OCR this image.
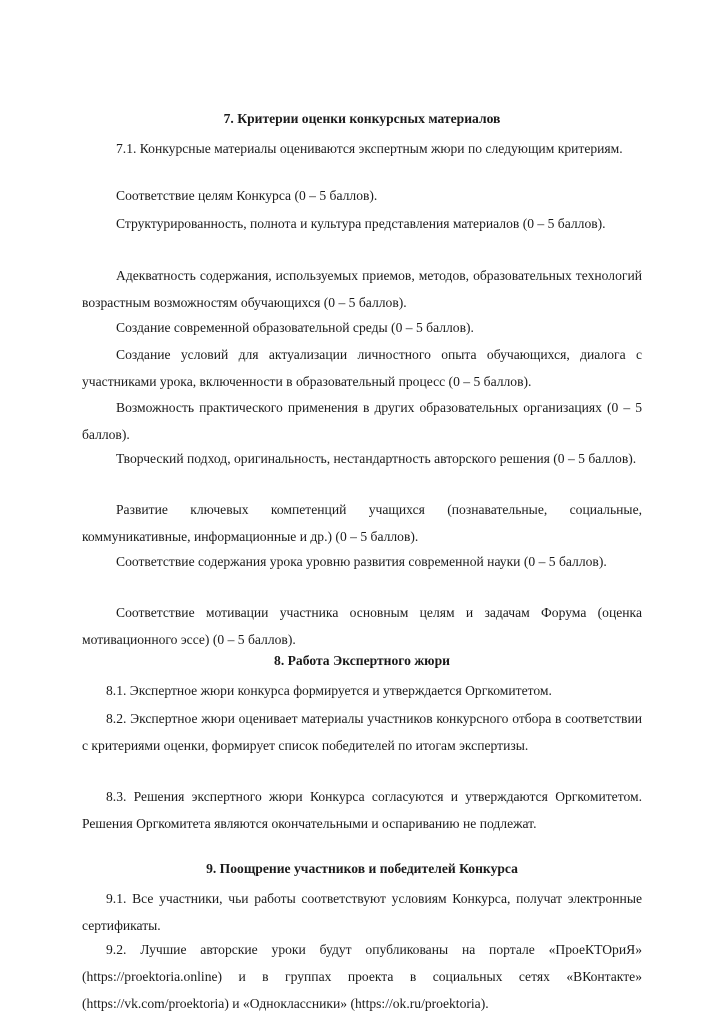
7. Критерии оценки конкурсных материалов
7.1. Конкурсные материалы оцениваются экспертным жюри по следующим критериям.
Соответствие целям Конкурса (0 – 5 баллов).
Структурированность, полнота и культура представления материалов (0 – 5 баллов).
Адекватность содержания, используемых приемов, методов, образовательных технологий возрастным возможностям обучающихся (0 – 5 баллов).
Создание современной образовательной среды (0 – 5 баллов).
Создание условий для актуализации личностного опыта обучающихся, диалога с участниками урока, включенности в образовательный процесс (0 – 5 баллов).
Возможность практического применения в других образовательных организациях (0 – 5 баллов).
Творческий подход, оригинальность, нестандартность авторского решения (0 – 5 баллов).
Развитие ключевых компетенций учащихся (познавательные, социальные, коммуникативные, информационные и др.) (0 – 5 баллов).
Соответствие содержания урока уровню развития современной науки (0 – 5 баллов).
Соответствие мотивации участника основным целям и задачам Форума (оценка мотивационного эссе) (0 – 5 баллов).
8. Работа Экспертного жюри
8.1. Экспертное жюри конкурса формируется и утверждается Оргкомитетом.
8.2. Экспертное жюри оценивает материалы участников конкурсного отбора в соответствии с критериями оценки, формирует список победителей по итогам экспертизы.
8.3. Решения экспертного жюри Конкурса согласуются и утверждаются Оргкомитетом. Решения Оргкомитета являются окончательными и оспариванию не подлежат.
9. Поощрение участников и победителей Конкурса
9.1. Все участники, чьи работы соответствуют условиям Конкурса, получат электронные сертификаты.
9.2. Лучшие авторские уроки будут опубликованы на портале «ПроеКТОриЯ» (https://proektoria.online) и в группах проекта в социальных сетях «ВКонтакте» (https://vk.com/proektoria) и «Одноклассники» (https://ok.ru/proektoria).
